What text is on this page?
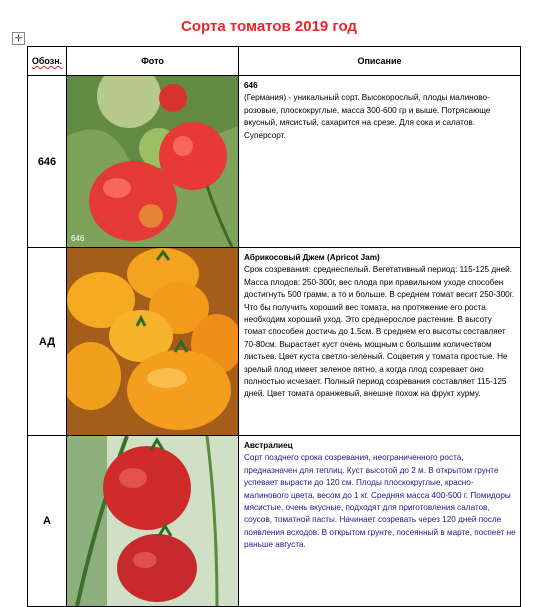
Сорта томатов 2019 год
✛
Обозн.	Фото	Описание
646	646	646
(Германия) - уникальный сорт. Высокорослый, плоды малиново-розовые, плоскокруглые, масса 300-600 гр и выше. Потрясающе вкусный, мясистый, сахарится на срезе. Для сока и салатов. Суперсорт.
АД		Абрикосовый Джем (Apricot Jam)
Срок созревания: среднеспелый. Вегетативный период: 115-125 дней. Масса плодов: 250-300г, вес плода при правильном уходе способен достигнуть 500 грамм, а то и больше. В среднем томат весит 250-300г. Что бы получить хороший вес томата, на протяжение его роста необходим хороший уход. Это среднерослое растение. В высоту томат способен достичь до 1.5см. В среднем его высоты составляет 70-80см. Вырастает куст очень мощным с большим количеством листьев. Цвет куста светло-зеленый. Соцветия у томата простые. Не зрелый плод имеет зеленое пятно, а когда плод созревает оно полностью исчезает. Полный период созревания составляет 115-125 дней. Цвет томата оранжевый, внешне похож на фрукт хурму.
А		Австралиец
Сорт позднего срока созревания, неограниченного роста, предназначен для теплиц. Куст высотой до 2 м. В открытом грунте успевает вырасти до 120 см. Плоды плоскокруглые, красно-малинового цвета, весом до 1 кг. Средняя масса 400-500 г. Помидоры мясистые, очень вкусные, подходят для приготовления салатов, соусов, томатной пасты. Начинает созревать через 120 дней после появления всходов. В открытом грунте, посеянный в марте, поспеет не раньше августа.
